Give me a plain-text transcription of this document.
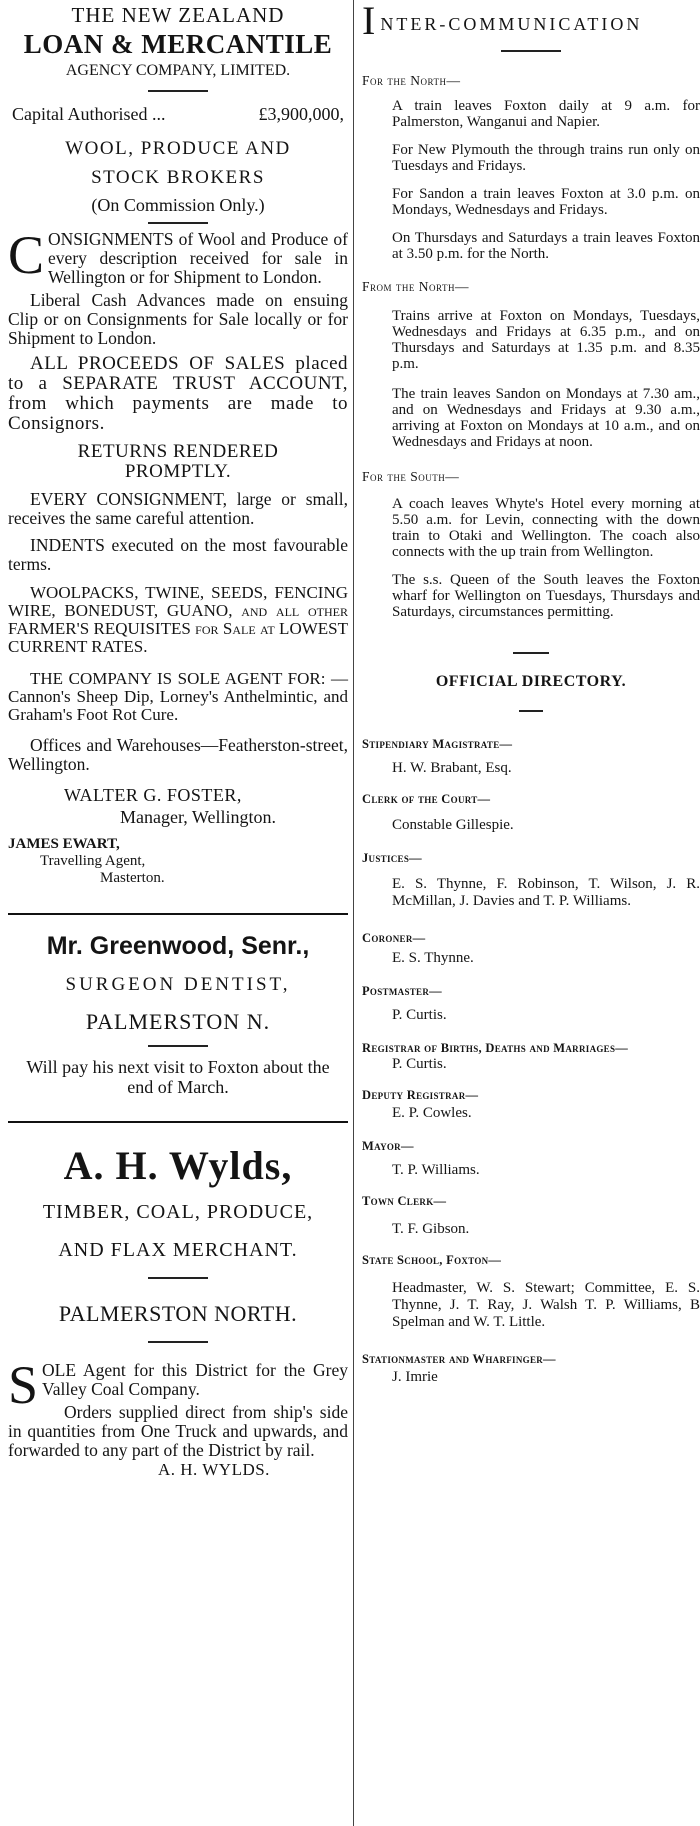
THE NEW ZEALAND
LOAN & MERCANTILE
AGENCY COMPANY, LIMITED.
Capital Authorised ...	£3,900,000,
WOOL, PRODUCE AND
STOCK BROKERS
(On Commission Only.)
CONSIGNMENTS of Wool and Produce of every description received for sale in Wellington or for Shipment to London.
Liberal Cash Advances made on ensuing Clip or on Consignments for Sale locally or for Shipment to London.
ALL PROCEEDS OF SALES placed to a SEPARATE TRUST ACCOUNT, from which payments are made to Consignors.
RETURNS RENDERED PROMPTLY.
EVERY CONSIGNMENT, large or small, receives the same careful attention.
INDENTS executed on the most favourable terms.
WOOLPACKS, TWINE, SEEDS, FENCING WIRE, BONEDUST, GUANO, and all other FARMER'S REQUISITES for Sale at LOWEST CURRENT RATES.
THE COMPANY IS SOLE AGENT FOR: —Cannon's Sheep Dip, Lorney's Anthelmintic, and Graham's Foot Rot Cure.
Offices and Warehouses—Featherston-street, Wellington.
WALTER G. FOSTER,
Manager, Wellington.
JAMES EWART,
Travelling Agent,
Masterton.
Mr. Greenwood, Senr.,
SURGEON DENTIST,
PALMERSTON N.
Will pay his next visit to Foxton about the end of March.
A. H. Wylds,
TIMBER, COAL, PRODUCE,
AND FLAX MERCHANT.
PALMERSTON NORTH.
SOLE Agent for this District for the Grey Valley Coal Company.
Orders supplied direct from ship's side in quantities from One Truck and upwards, and forwarded to any part of the District by rail.
A. H. WYLDS.
INTER-COMMUNICATION
For the North—
A train leaves Foxton daily at 9 a.m. for Palmerston, Wanganui and Napier.
For New Plymouth the through trains run only on Tuesdays and Fridays.
For Sandon a train leaves Foxton at 3.0 p.m. on Mondays, Wednesdays and Fridays.
On Thursdays and Saturdays a train leaves Foxton at 3.50 p.m. for the North.
From the North—
Trains arrive at Foxton on Mondays, Tuesdays, Wednesdays and Fridays at 6.35 p.m., and on Thursdays and Saturdays at 1.35 p.m. and 8.35 p.m.
The train leaves Sandon on Mondays at 7.30 am., and on Wednesdays and Fridays at 9.30 a.m., arriving at Foxton on Mondays at 10 a.m., and on Wednesdays and Fridays at noon.
For the South—
A coach leaves Whyte's Hotel every morning at 5.50 a.m. for Levin, connecting with the down train to Otaki and Wellington. The coach also connects with the up train from Wellington.
The s.s. Queen of the South leaves the Foxton wharf for Wellington on Tuesdays, Thursdays and Saturdays, circumstances permitting.
OFFICIAL DIRECTORY.
Stipendiary Magistrate—
H. W. Brabant, Esq.
Clerk of the Court—
Constable Gillespie.
Justices—
E. S. Thynne, F. Robinson, T. Wilson, J. R. McMillan, J. Davies and T. P. Williams.
Coroner—
E. S. Thynne.
Postmaster—
P. Curtis.
Registrar of Births, Deaths and Marriages—
P. Curtis.
Deputy Registrar—
E. P. Cowles.
Mayor—
T. P. Williams.
Town Clerk—
T. F. Gibson.
State School, Foxton—
Headmaster, W. S. Stewart; Committee, E. S. Thynne, J. T. Ray, J. Walsh T. P. Williams, B Spelman and W. T. Little.
Stationmaster and Wharfinger—
J. Imrie
